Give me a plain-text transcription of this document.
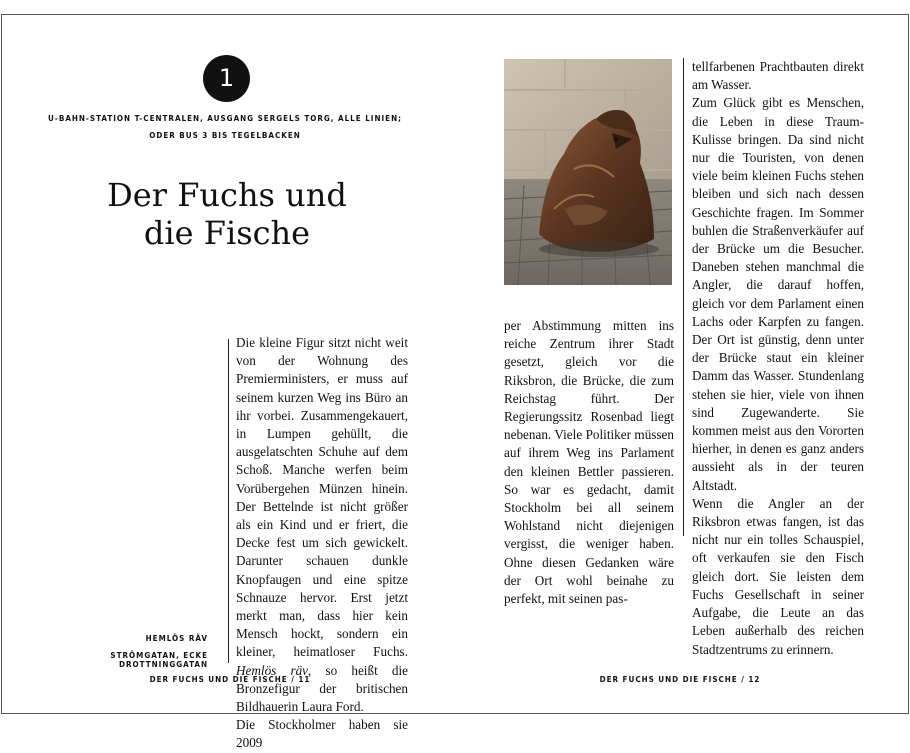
1
U-BAHN-STATION T-CENTRALEN, AUSGANG SERGELS TORG, ALLE LINIEN;
ODER BUS 3 BIS TEGELBACKEN
Der Fuchs und
die Fische

Die kleine Figur sitzt nicht weit von der Wohnung des Premierministers, er muss auf seinem kurzen Weg ins Büro an ihr vorbei. Zusammengekauert, in Lumpen gehüllt, die ausgelatschten Schuhe auf dem Schoß. Manche werfen beim Vorübergehen Münzen hinein. Der Bettelnde ist nicht größer als ein Kind und er friert, die Decke fest um sich gewickelt. Darunter schauen dunkle Knopfaugen und eine spitze Schnauze hervor. Erst jetzt merkt man, dass hier kein Mensch hockt, sondern ein kleiner, heimatloser Fuchs. Hemlös räv, so heißt die Bronzefigur der britischen Bildhauerin Laura Ford.

Die Stockholmer haben sie 2009

per Abstimmung mitten ins reiche Zentrum ihrer Stadt gesetzt, gleich vor die Riksbron, die Brücke, die zum Reichstag führt. Der Regierungssitz Rosenbad liegt nebenan. Viele Politiker müssen auf ihrem Weg ins Parlament den kleinen Bettler passieren. So war es gedacht, damit Stockholm bei all seinem Wohlstand nicht diejenigen vergisst, die weniger haben. Ohne diesen Gedanken wäre der Ort wohl beinahe zu perfekt, mit seinen pas-

tellfarbenen Prachtbauten direkt am Wasser.

Zum Glück gibt es Menschen, die Leben in diese Traum-Kulisse bringen. Da sind nicht nur die Touristen, von denen viele beim kleinen Fuchs stehen bleiben und sich nach dessen Geschichte fragen. Im Sommer buhlen die Straßenverkäufer auf der Brücke um die Besucher. Daneben stehen manchmal die Angler, die darauf hoffen, gleich vor dem Parlament einen Lachs oder Karpfen zu fangen. Der Ort ist günstig, denn unter der Brücke staut ein kleiner Damm das Wasser. Stundenlang stehen sie hier, viele von ihnen sind Zugewanderte. Sie kommen meist aus den Vororten hierher, in denen es ganz anders aussieht als in der teuren Altstadt.

Wenn die Angler an der Riksbron etwas fangen, ist das nicht nur ein tolles Schauspiel, oft verkaufen sie den Fisch gleich dort. Sie leisten dem Fuchs Gesellschaft in seiner Aufgabe, die Leute an das Leben außerhalb des reichen Stadtzentrums zu erinnern.

HEMLÖS RÄV
STRÖMGATAN, ECKE DROTTNINGGATAN
DER FUCHS UND DIE FISCHE / 11	DER FUCHS UND DIE FISCHE / 12
